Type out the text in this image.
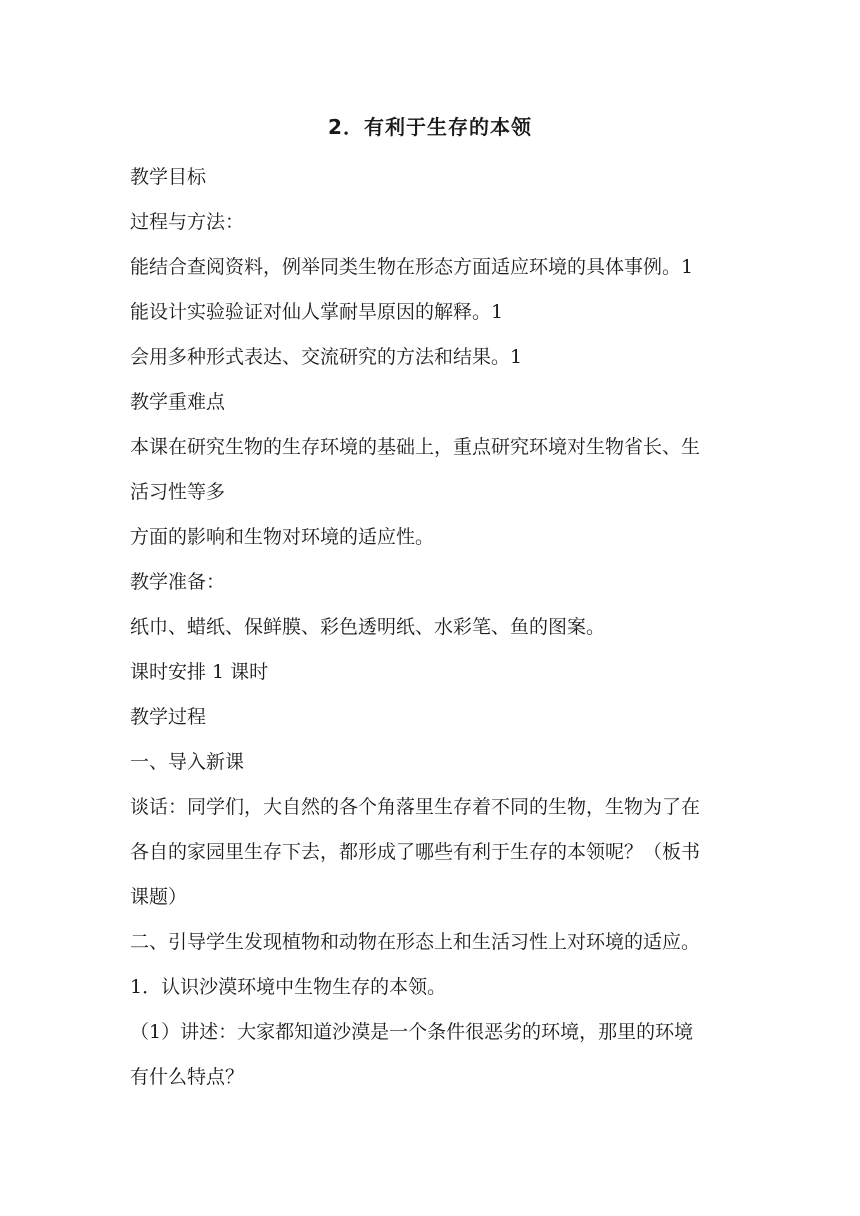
2．有利于生存的本领
教学目标
过程与方法：
能结合查阅资料，例举同类生物在形态方面适应环境的具体事例。1
能设计实验验证对仙人掌耐旱原因的解释。1
会用多种形式表达、交流研究的方法和结果。1
教学重难点
本课在研究生物的生存环境的基础上，重点研究环境对生物省长、生
活习性等多
方面的影响和生物对环境的适应性。
教学准备：
纸巾、蜡纸、保鲜膜、彩色透明纸、水彩笔、鱼的图案。
课时安排 1 课时
教学过程
一、导入新课
谈话：同学们，大自然的各个角落里生存着不同的生物，生物为了在
各自的家园里生存下去，都形成了哪些有利于生存的本领呢？（板书
课题）
二、引导学生发现植物和动物在形态上和生活习性上对环境的适应。
1．认识沙漠环境中生物生存的本领。
（1）讲述：大家都知道沙漠是一个条件很恶劣的环境，那里的环境
有什么特点？
